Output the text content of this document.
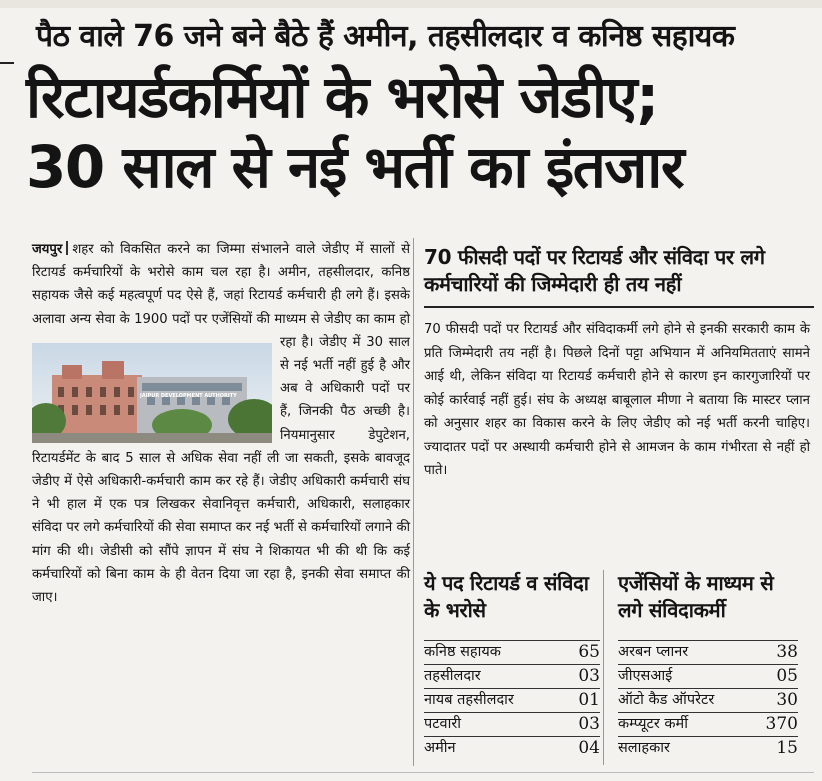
पैठ वाले 76 जने बने बैठे हैं अमीन, तहसीलदार व कनिष्ठ सहायक
रिटायर्डकर्मियों के भरोसे जेडीए;
30 साल से नई भर्ती का इंतजार
जयपुर शहर को विकसित करने का जिम्मा संभालने वाले जेडीए में सालों से रिटायर्ड कर्मचारियों के भरोसे काम चल रहा है। अमीन, तहसीलदार, कनिष्ठ सहायक जैसे कई महत्वपूर्ण पद ऐसे हैं, जहां रिटायर्ड कर्मचारी ही लगे हैं। इसके अलावा अन्य सेवा के 1900 पदों
JAIPUR DEVELOPMENT AUTHORITY
पर एजेंसियों की माध्यम से जेडीए का काम हो रहा है। जेडीए में 30 साल से नई भर्ती नहीं हुई है और अब वे अधिकारी पदों पर हैं, जिनकी पैठ अच्छी है। नियमानुसार डेपुटेशन, रिटायर्डमेंट के बाद 5 साल से अधिक सेवा नहीं ली जा सकती, इसके बावजूद जेडीए में ऐसे अधिकारी-कर्मचारी काम कर रहे हैं। जेडीए अधिकारी कर्मचारी संघ ने भी हाल में एक पत्र लिखकर सेवानिवृत्त कर्मचारी, अधिकारी, सलाहकार संविदा पर लगे कर्मचारियों की सेवा समाप्त कर नई भर्ती से कर्मचारियों लगाने की मांग की थी। जेडीसी को सौंपे ज्ञापन में संघ ने शिकायत भी की थी कि कई कर्मचारियों को बिना काम के ही वेतन दिया जा रहा है, इनकी सेवा समाप्त की जाए।
70 फीसदी पदों पर रिटायर्ड और संविदा पर लगे कर्मचारियों की जिम्मेदारी ही तय नहीं
70 फीसदी पदों पर रिटायर्ड और संविदाकर्मी लगे होने से इनकी सरकारी काम के प्रति जिम्मेदारी तय नहीं है। पिछले दिनों पट्टा अभियान में अनियमितताएं सामने आई थी, लेकिन संविदा या रिटायर्ड कर्मचारी होने से कारण इन कारगुजारियों पर कोई कार्रवाई नहीं हुई। संघ के अध्यक्ष बाबूलाल मीणा ने बताया कि मास्टर प्लान को अनुसार शहर का विकास करने के लिए जेडीए को नई भर्ती करनी चाहिए। ज्यादातर पदों पर अस्थायी कर्मचारी होने से आमजन के काम गंभीरता से नहीं हो पाते।
ये पद रिटायर्ड व संविदा के भरोसे
कनिष्ठ सहायक	65
तहसीलदार	03
नायब तहसीलदार	01
पटवारी	03
अमीन	04
एजेंसियों के माध्यम से लगे संविदाकर्मी
अरबन प्लानर	38
जीएसआई	05
ऑटो कैड ऑपरेटर	30
कम्प्यूटर कर्मी	370
सलाहकार	15
